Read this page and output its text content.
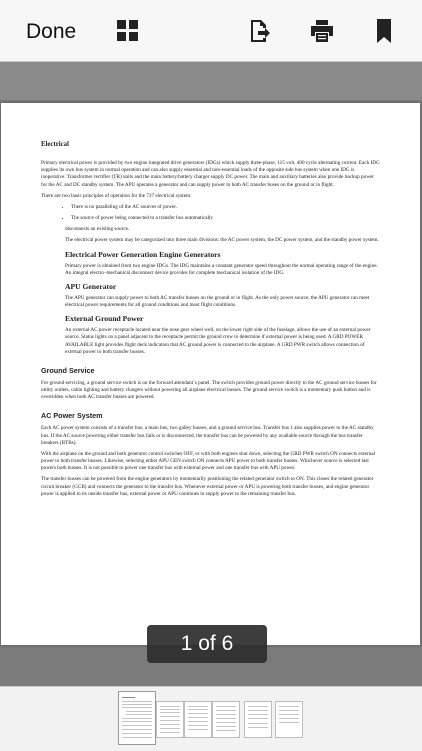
Done
Electrical

Primary electrical power is provided by two engine integrated drive generators (IDGs) which supply three-phase, 115 volt, 400 cycle alternating current. Each IDG supplies its own bus system in normal operation and can also supply essential and non-essential loads of the opposite side bus system when one IDG is inoperative. Transformer rectifier (TR) units and the main battery/battery charger supply DC power. The main and auxiliary batteries also provide backup power for the AC and DC standby system. The APU operates a generator and can supply power to both AC transfer buses on the ground or in flight.

There are two basic principles of operation for the 737 electrical system:

• There is no paralleling of the AC sources of power.
• The source of power being connected to a transfer bus automatically

disconnects an existing source.

The electrical power system may be categorized into three main divisions: the AC power system, the DC power system, and the standby power system.

Electrical Power Generation Engine Generators

Primary power is obtained from two engine IDGs. The IDG maintains a constant generator speed throughout the normal operating range of the engine. An integral electro–mechanical disconnect device provides for complete mechanical isolation of the IDG.

APU Generator

The APU generator can supply power to both AC transfer busses on the ground or in flight. As the only power source, the APU generator can meet electrical power requirements for all ground conditions and most flight conditions.

External Ground Power

An external AC power receptacle located near the nose gear wheel well, on the lower right side of the fuselage, allows the use of an external power source. Status lights on a panel adjacent to the receptacle permit the ground crew to determine if external power is being used. A GRD POWER AVAILABLE light provides flight deck indication that AC ground power is connected to the airplane. A GRD PWR switch allows connection of external power to both transfer busses.

Ground Service

For ground servicing, a ground service switch is on the forward attendant`s panel. The switch provides ground power directly to the AC ground service busses for utility outlets, cabin lighting and battery chargers without powering all airplane electrical busses. The ground service switch is a momentary push button and is overridden when both AC transfer busses are powered.

AC Power System

Each AC power system consists of a transfer bus, a main bus, two galley busses, and a ground service bus. Transfer bus 1 also supplies power to the AC standby bus. If the AC source powering either transfer bus fails or is disconnected, the transfer bus can be powered by any available source through the bus transfer breakers (BTBs).

With the airplane on the ground and both generator control switches OFF, or with both engines shut down, selecting the GRD PWR switch ON connects external power to both transfer busses. Likewise, selecting either APU GEN switch ON connects APU power to both transfer busses. Whichever source is selected last powers both busses. It is not possible to power one transfer bus with external power and one transfer bus with APU power.

The transfer busses can be powered from the engine generators by momentarily positioning the related generator switch to ON. This closes the related generator circuit breaker (GCB) and connects the generator to the transfer bus. Whenever external power or APU is powering both transfer busses, and engine generator power is applied to its onside transfer bus, external power or APU continues to supply power to the remaining transfer bus.

1 of 6
